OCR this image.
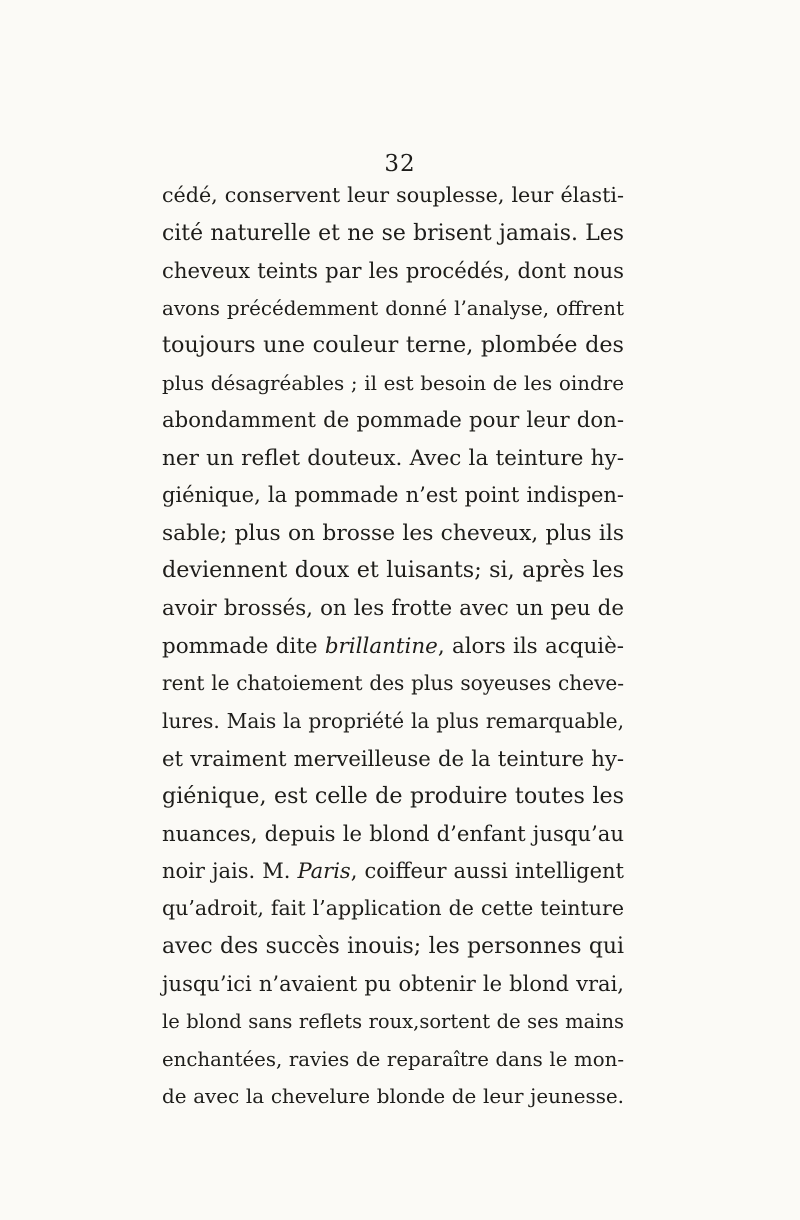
32
cédé, conservent leur souplesse, leur élasti-
cité naturelle et ne se brisent jamais. Les
cheveux teints par les procédés, dont nous
avons précédemment donné l’analyse, offrent
toujours une couleur terne, plombée des
plus désagréables ; il est besoin de les oindre
abondamment de pommade pour leur don-
ner un reflet douteux. Avec la teinture hy-
giénique, la pommade n’est point indispen-
sable; plus on brosse les cheveux, plus ils
deviennent doux et luisants; si, après les
avoir brossés, on les frotte avec un peu de
pommade dite brillantine, alors ils acquiè-
rent le chatoiement des plus soyeuses cheve-
lures. Mais la propriété la plus remarquable,
et vraiment merveilleuse de la teinture hy-
giénique, est celle de produire toutes les
nuances, depuis le blond d’enfant jusqu’au
noir jais. M. Paris, coiffeur aussi intelligent
qu’adroit, fait l’application de cette teinture
avec des succès inouis; les personnes qui
jusqu’ici n’avaient pu obtenir le blond vrai,
le blond sans reflets roux,sortent de ses mains
enchantées, ravies de reparaître dans le mon-
de avec la chevelure blonde de leur jeunesse.
